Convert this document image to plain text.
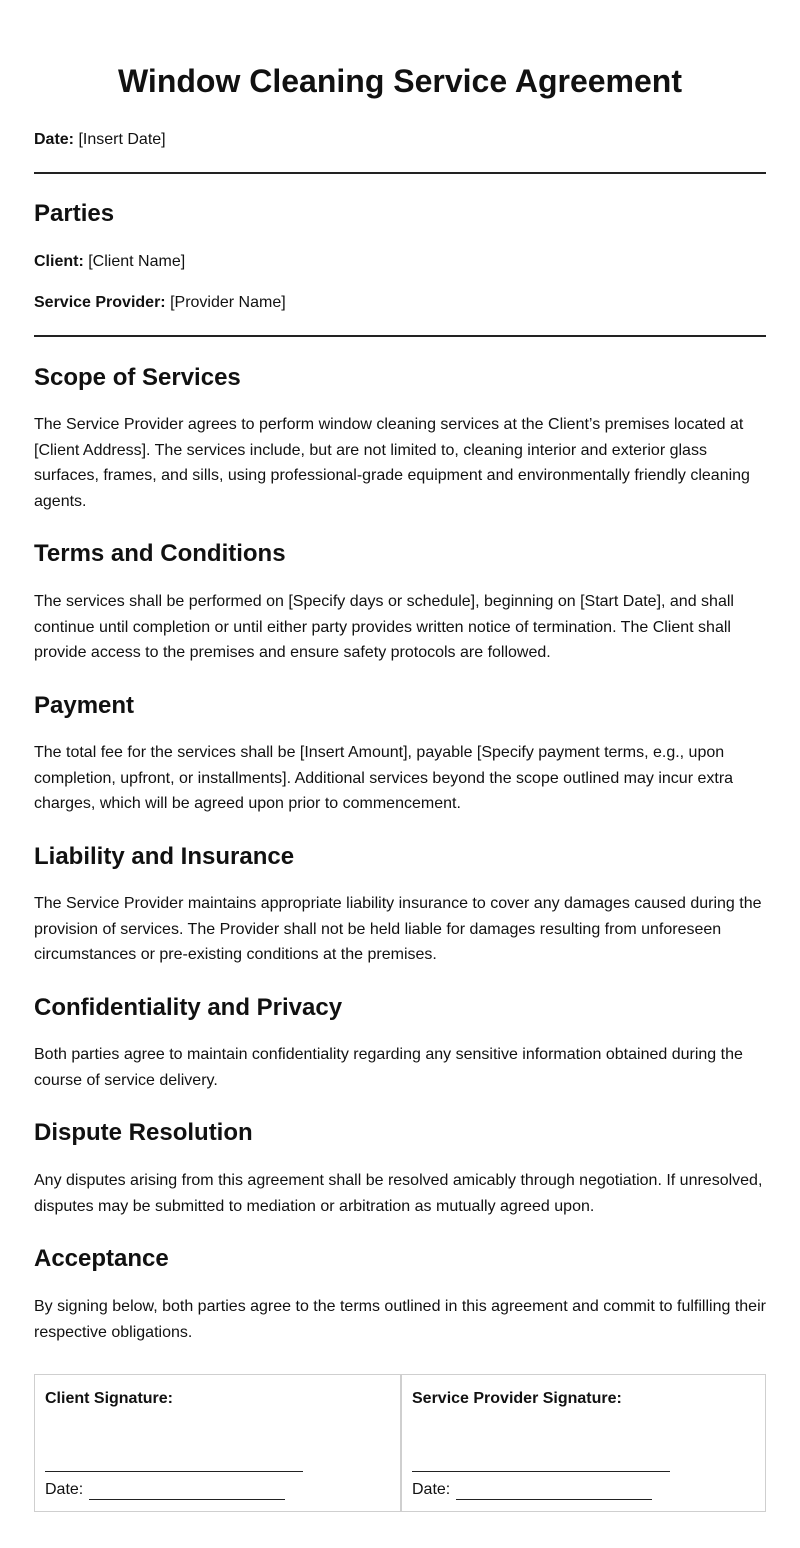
Window Cleaning Service Agreement
Date: [Insert Date]
Parties
Client: [Client Name]
Service Provider: [Provider Name]
Scope of Services

The Service Provider agrees to perform window cleaning services at the Client’s premises located at [Client Address]. The services include, but are not limited to, cleaning interior and exterior glass surfaces, frames, and sills, using professional-grade equipment and environmentally friendly cleaning agents.

Terms and Conditions

The services shall be performed on [Specify days or schedule], beginning on [Start Date], and shall continue until completion or until either party provides written notice of termination. The Client shall provide access to the premises and ensure safety protocols are followed.

Payment

The total fee for the services shall be [Insert Amount], payable [Specify payment terms, e.g., upon completion, upfront, or installments]. Additional services beyond the scope outlined may incur extra charges, which will be agreed upon prior to commencement.

Liability and Insurance

The Service Provider maintains appropriate liability insurance to cover any damages caused during the provision of services. The Provider shall not be held liable for damages resulting from unforeseen circumstances or pre-existing conditions at the premises.

Confidentiality and Privacy

Both parties agree to maintain confidentiality regarding any sensitive information obtained during the course of service delivery.

Dispute Resolution

Any disputes arising from this agreement shall be resolved amicably through negotiation. If unresolved, disputes may be submitted to mediation or arbitration as mutually agreed upon.

Acceptance

By signing below, both parties agree to the terms outlined in this agreement and commit to fulfilling their respective obligations.

Client Signature:
Date:
Service Provider Signature:
Date:
